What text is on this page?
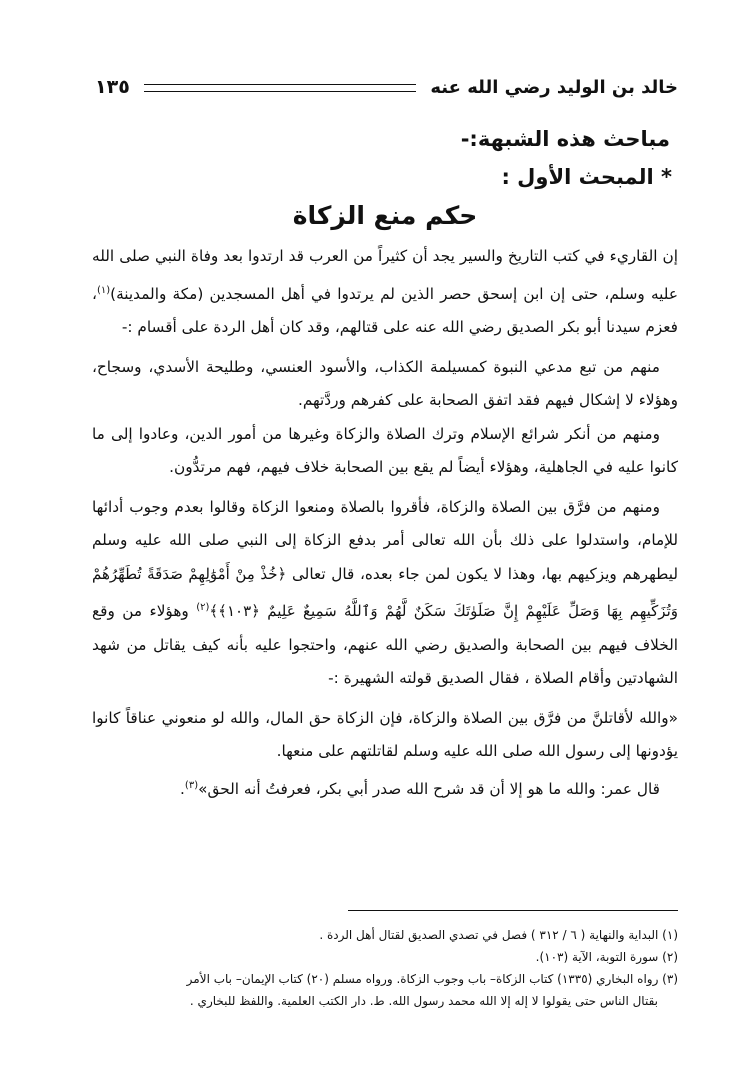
١٣٥	خالد بن الوليد رضي الله عنه

مباحث هذه الشبهة:-

* المبحث الأول :

حكم منع الزكاة

إن القاريء في كتب التاريخ والسير يجد أن كثيراً من العرب قد ارتدوا بعد وفاة النبي صلى الله عليه وسلم، حتى إن ابن إسحق حصر الذين لم يرتدوا في أهل المسجدين (مكة والمدينة)$^{(١)}$، فعزم سيدنا أبو بكر الصديق رضي الله عنه على قتالهم، وقد كان أهل الردة على أقسام :-

منهم من تبع مدعي النبوة كمسيلمة الكذاب، والأسود العنسي، وطليحة الأسدي، وسجاح، وهؤلاء لا إشكال فيهم فقد اتفق الصحابة على كفرهم وردَّتهم.

ومنهم من أنكر شرائع الإسلام وترك الصلاة والزكاة وغيرها من أمور الدين، وعادوا إلى ما كانوا عليه في الجاهلية، وهؤلاء أيضاً لم يقع بين الصحابة خلاف فيهم، فهم مرتدُّون.

ومنهم من فرَّق بين الصلاة والزكاة، فأقروا بالصلاة ومنعوا الزكاة وقالوا بعدم وجوب أدائها للإمام، واستدلوا على ذلك بأن الله تعالى أمر بدفع الزكاة إلى النبي صلى الله عليه وسلم ليطهرهم ويزكيهم بها، وهذا لا يكون لمن جاء بعده، قال تعالى ﴿خُذْ مِنْ أَمْوَٰلِهِمْ صَدَقَةً تُطَهِّرُهُمْ وَتُزَكِّيهِم بِهَا وَصَلِّ عَلَيْهِمْ إِنَّ صَلَوٰتَكَ سَكَنٌ لَّهُمْ وَٱللَّهُ سَمِيعٌ عَلِيمٌ ﴿١٠٣﴾﴾$^{(٢)}$ وهؤلاء من وقع الخلاف فيهم بين الصحابة والصديق رضي الله عنهم، واحتجوا عليه بأنه كيف يقاتل من شهد الشهادتين وأقام الصلاة ، فقال الصديق قولته الشهيرة :-

«والله لأقاتلنَّ من فرَّق بين الصلاة والزكاة، فإن الزكاة حق المال، والله لو منعوني عناقاً كانوا يؤدونها إلى رسول الله صلى الله عليه وسلم لقاتلتهم على منعها.

قال عمر: والله ما هو إلا أن قد شرح الله صدر أبي بكر، فعرفتُ أنه الحق»$^{(٣)}$.

(١) البداية والنهاية ( ٦ / ٣١٢ ) فصل في تصدي الصديق لقتال أهل الردة .

(٢) سورة التوبة، الآية (١٠٣).

(٣) رواه البخاري (١٣٣٥) كتاب الزكاة– باب وجوب الزكاة. ورواه مسلم (٢٠) كتاب الإيمان– باب الأمر

بقتال الناس حتى يقولوا لا إله إلا الله محمد رسول الله. ط. دار الكتب العلمية. واللفظ للبخاري .
